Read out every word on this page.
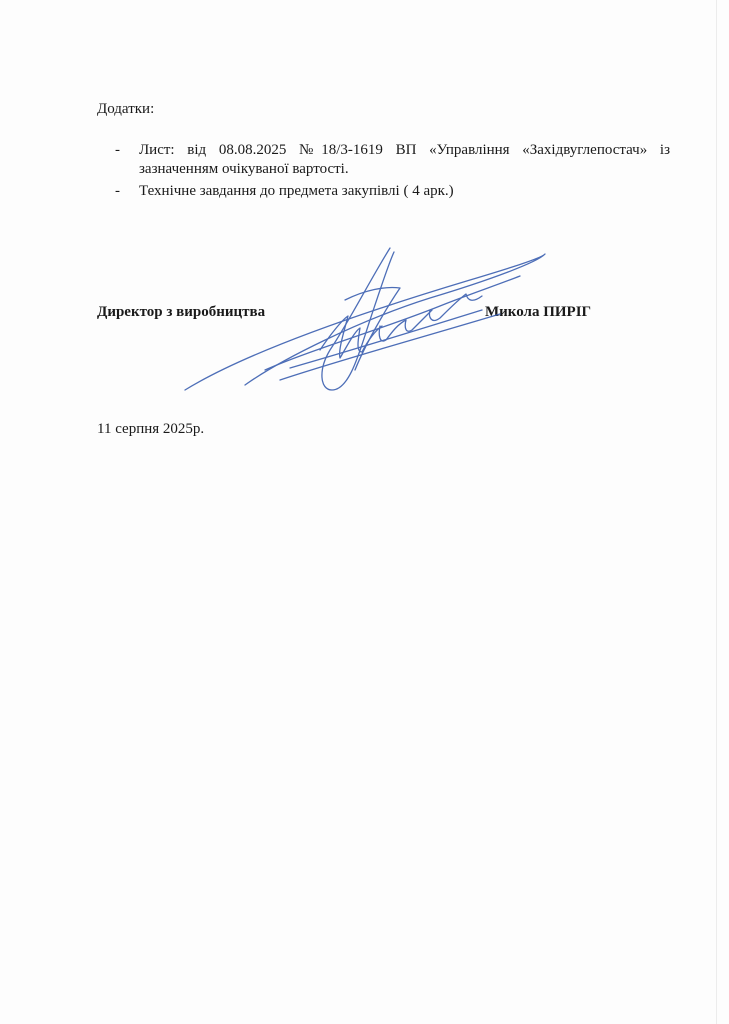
Додатки:
- Лист: від 08.08.2025 №18/3-1619 ВП «Управління «Західвуглепостач» із
зазначенням очікуваної вартості.
- Технічне завдання до предмета закупівлі ( 4 арк.)
Директор з виробництва	Микола ПИРІГ
11 серпня 2025р.
